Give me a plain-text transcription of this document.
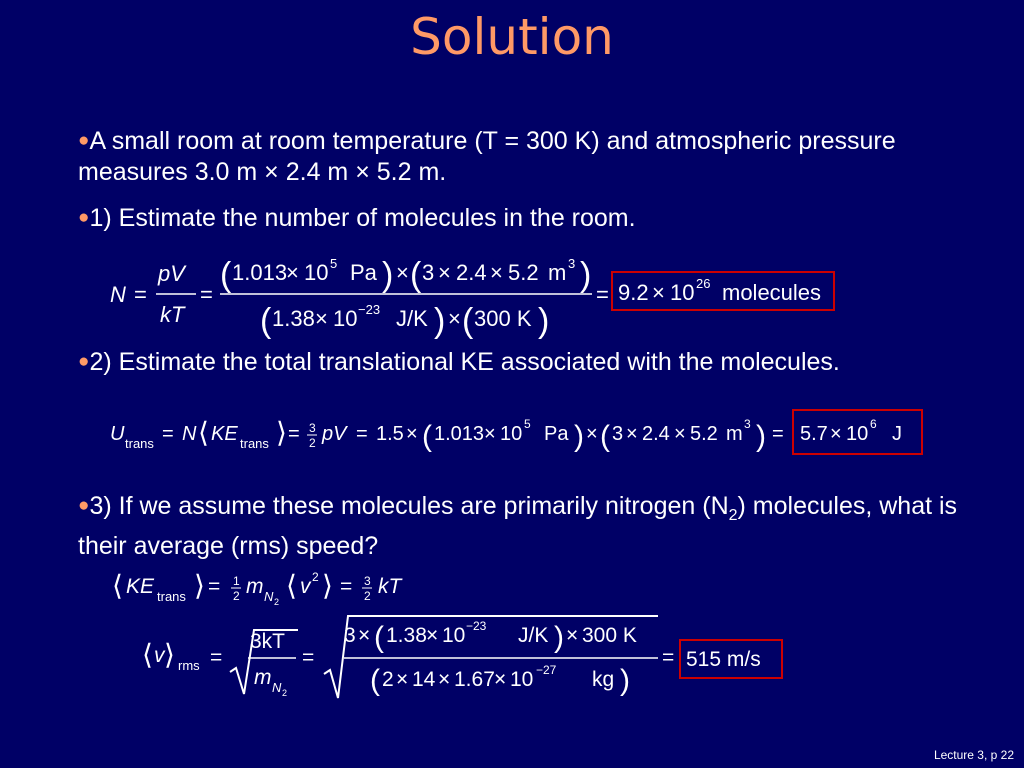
Solution
●A small room at room temperature (T = 300 K) and atmospheric pressure measures 3.0 m × 2.4 m × 5.2 m.
●1) Estimate the number of molecules in the room.
N =
pV
kT
=
( 1.013
× 10 5 Pa ) × ( 3 × 2.4 × 5.2 m 3 )
( 1.38 × 10 −23 J/K ) × ( 300 K )
= 9.2 × 10 26 molecules
●2) Estimate the total translational KE associated with the molecules.
U trans = N ⟨ KE trans ⟩ = 3
2 pV = 1.5 × ( 1.013 × 10 5 Pa ) × ( 3 × 2.4 × 5.2 m 3 ) = 5.7 × 10 6 J
●3) If we assume these molecules are primarily nitrogen $(N_2)$ molecules, what is their average (rms) speed?
⟨ KE trans ⟩ = 1
2 m N 2
⟨ v 2 ⟩ = 3
2 kT
⟨ v ⟩ rms =
3kT
m N 2
=
3 × ( 1.38 × 10 −23 J/K ) × 300 K
( 2 × 14 × 1.67 × 10 −27 kg )
= 515 m/s
Lecture 3, p 22
